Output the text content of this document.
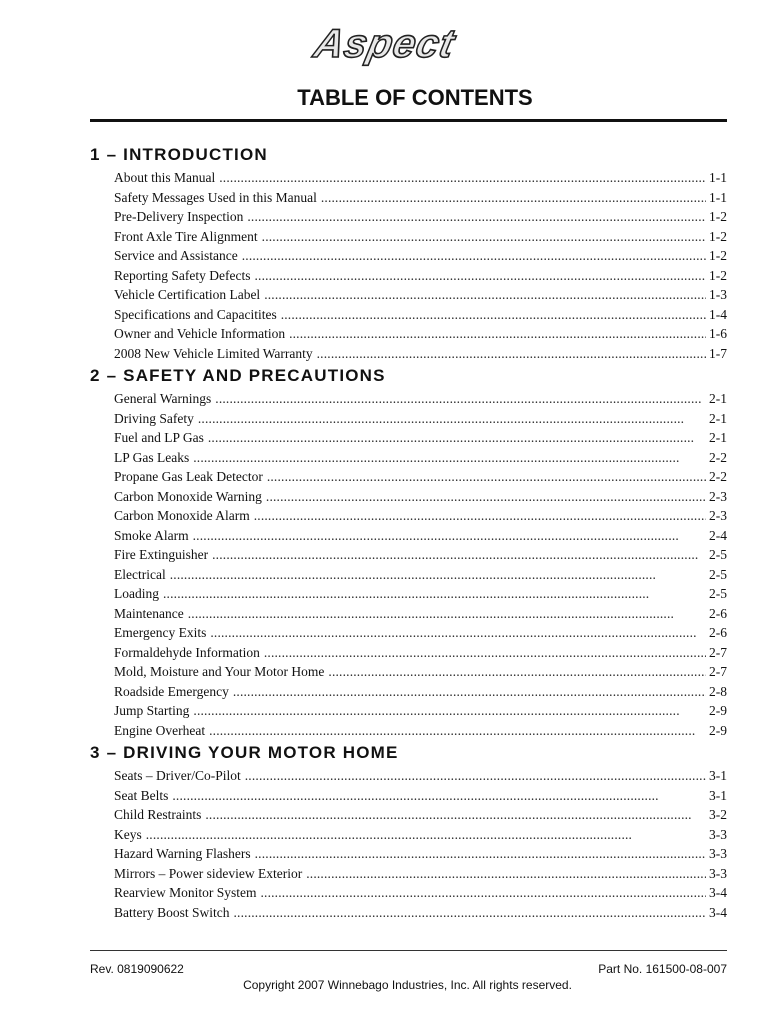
Aspect
TABLE OF CONTENTS
1 – INTRODUCTION
About this Manual . . .	1-1
Safety Messages Used in this Manual . . .	1-1
Pre-Delivery Inspection . . .	1-2
Front Axle Tire Alignment . . .	1-2
Service and Assistance . . .	1-2
Reporting Safety Defects . . .	1-2
Vehicle Certification Label . . .	1-3
Specifications and Capacitites . . .	1-4
Owner and Vehicle Information . . .	1-6
2008 New Vehicle Limited Warranty . . .	1-7
2 – SAFETY AND PRECAUTIONS
General Warnings . . .	2-1
Driving Safety . . .	2-1
Fuel and LP Gas . . .	2-1
LP Gas Leaks . . .	2-2
Propane Gas Leak Detector . . .	2-2
Carbon Monoxide Warning . . .	2-3
Carbon Monoxide Alarm . . .	2-3
Smoke Alarm . . .	2-4
Fire Extinguisher . . .	2-5
Electrical . . .	2-5
Loading . . .	2-5
Maintenance . . .	2-6
Emergency Exits . . .	2-6
Formaldehyde Information . . .	2-7
Mold, Moisture and Your Motor Home . . .	2-7
Roadside Emergency . . .	2-8
Jump Starting . . .	2-9
Engine Overheat . . .	2-9
3 – DRIVING YOUR MOTOR HOME
Seats – Driver/Co-Pilot . . .	3-1
Seat Belts . . .	3-1
Child Restraints . . .	3-2
Keys . . .	3-3
Hazard Warning Flashers . . .	3-3
Mirrors – Power sideview Exterior . . .	3-3
Rearview Monitor System . . .	3-4
Battery Boost Switch . . .	3-4
Rev. 0819090622	Part No. 161500-08-007
Copyright 2007 Winnebago Industries, Inc. All rights reserved.
